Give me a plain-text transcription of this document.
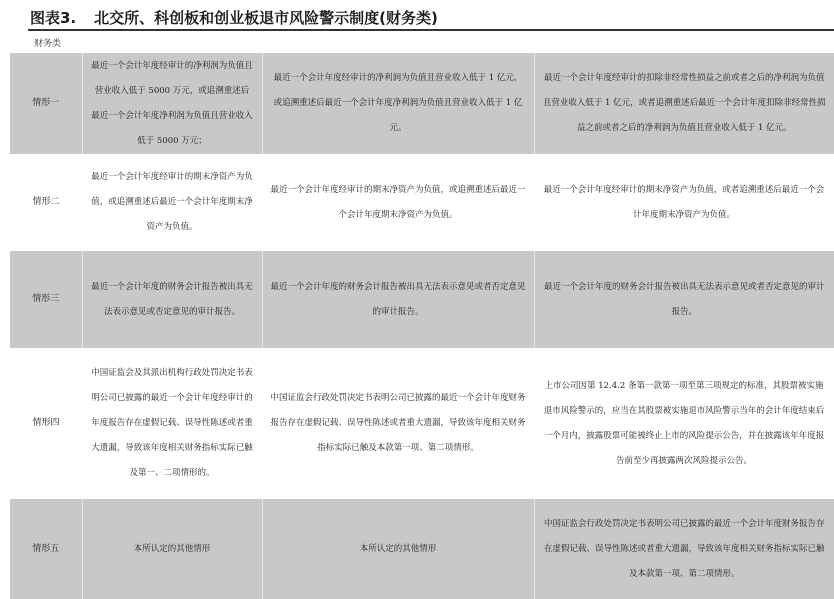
图表3. 北交所、科创板和创业板退市风险警示制度(财务类)
财务类
情形一	最近一个会计年度经审计的净利润为负值且营业收入低于 5000 万元，或追溯重述后最近一个会计年度净利润为负值且营业收入低于 5000 万元；	最近一个会计年度经审计的净利润为负值且营业收入低于 1 亿元，或追溯重述后最近一个会计年度净利润为负值且营业收入低于 1 亿元。	最近一个会计年度经审计的扣除非经常性损益之前或者之后的净利润为负值且营业收入低于 1 亿元，或者追溯重述后最近一个会计年度扣除非经常性损益之前或者之后的净利润为负值且营业收入低于 1 亿元。
情形二	最近一个会计年度经审计的期末净资产为负值，或追溯重述后最近一个会计年度期末净资产为负值。	最近一个会计年度经审计的期末净资产为负值，或追溯重述后最近一个会计年度期末净资产为负值。	最近一个会计年度经审计的期末净资产为负值，或者追溯重述后最近一个会计年度期末净资产为负值。
情形三	最近一个会计年度的财务会计报告被出具无法表示意见或否定意见的审计报告。	最近一个会计年度的财务会计报告被出具无法表示意见或者否定意见的审计报告。	最近一个会计年度的财务会计报告被出具无法表示意见或者否定意见的审计报告。
情形四	中国证监会及其派出机构行政处罚决定书表明公司已披露的最近一个会计年度经审计的年度报告存在虚假记载、误导性陈述或者重大遗漏，导致该年度相关财务指标实际已触及第一、二项情形的。	中国证监会行政处罚决定书表明公司已披露的最近一个会计年度财务报告存在虚假记载、误导性陈述或者重大遗漏，导致该年度相关财务指标实际已触及本款第一项、第二项情形。	上市公司因第 12.4.2 条第一款第一项至第三项规定的标准，其股票被实施退市风险警示的，应当在其股票被实施退市风险警示当年的会计年度结束后一个月内，披露股票可能被终止上市的风险提示公告，并在披露该年年度报告前至少再披露两次风险提示公告。
情形五	本所认定的其他情形	本所认定的其他情形	中国证监会行政处罚决定书表明公司已披露的最近一个会计年度财务报告存在虚假记载、误导性陈述或者重大遗漏，导致该年度相关财务指标实际已触及本款第一项、第二项情形。
